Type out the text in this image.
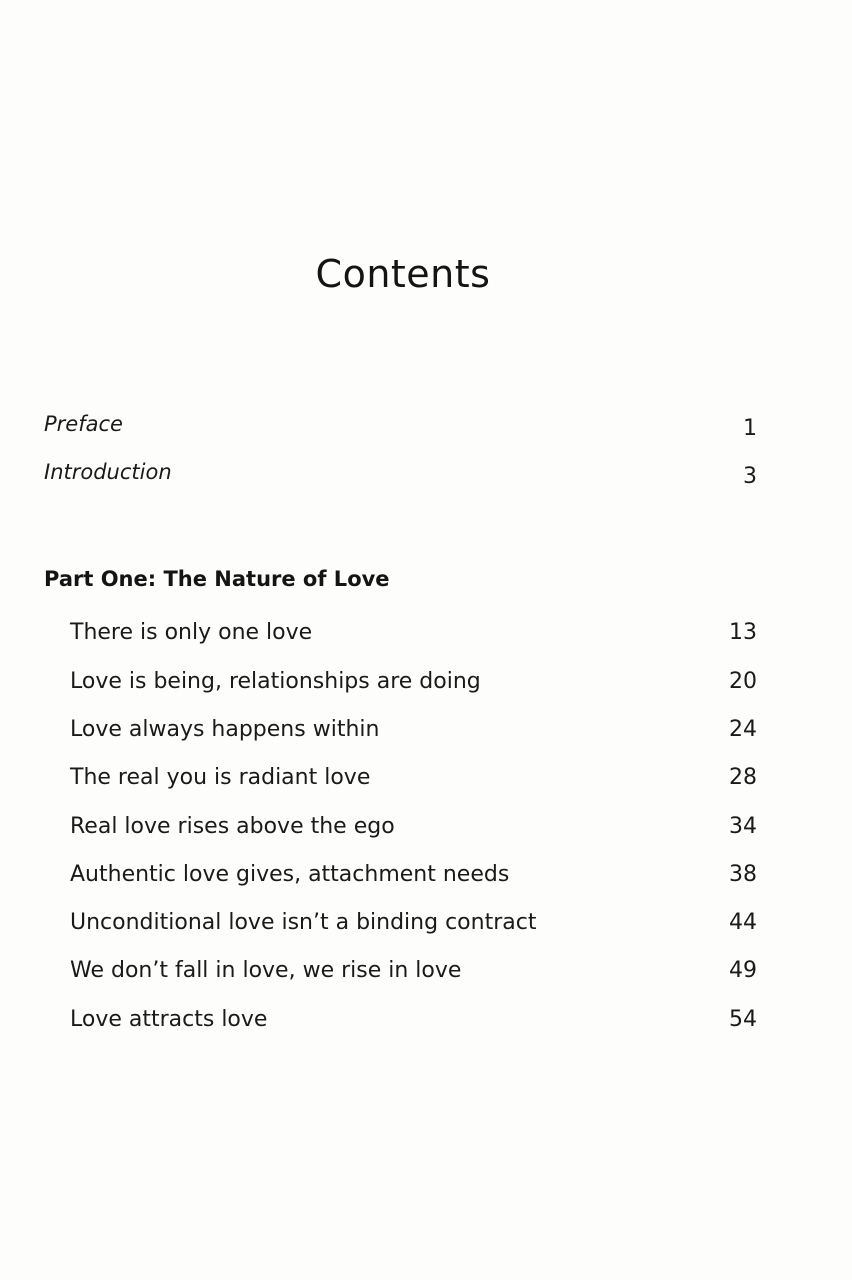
Contents
Preface	1
Introduction	3
Part One: The Nature of Love
There is only one love	13
Love is being, relationships are doing	20
Love always happens within	24
The real you is radiant love	28
Real love rises above the ego	34
Authentic love gives, attachment needs	38
Unconditional love isn’t a binding contract	44
We don’t fall in love, we rise in love	49
Love attracts love	54
